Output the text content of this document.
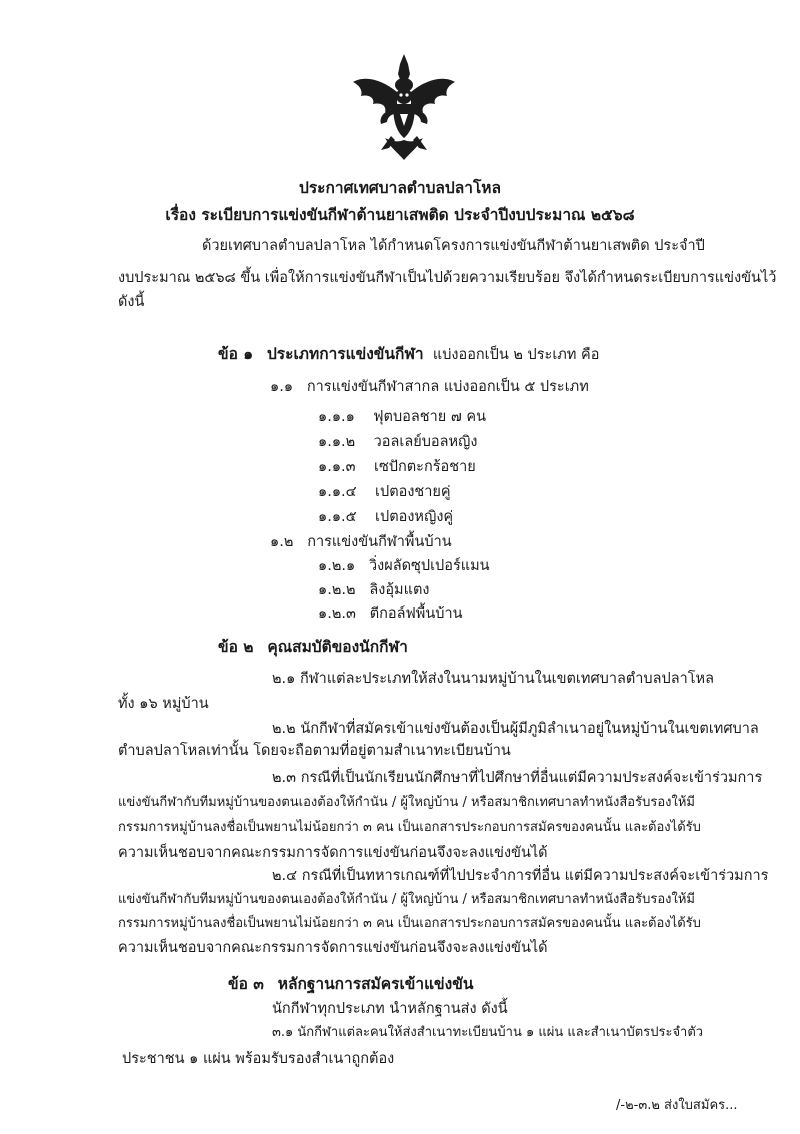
ประกาศเทศบาลตำบลปลาโหล
เรื่อง ระเบียบการแข่งขันกีฬาต้านยาเสพติด ประจำปีงบประมาณ ๒๕๖๘
ด้วยเทศบาลตำบลปลาโหล ได้กำหนดโครงการแข่งขันกีฬาต้านยาเสพติด ประจำปี
งบประมาณ ๒๕๖๘ ขึ้น เพื่อให้การแข่งขันกีฬาเป็นไปด้วยความเรียบร้อย จึงได้กำหนดระเบียบการแข่งขันไว้
ดังนี้
ข้อ ๑ ประเภทการแข่งขันกีฬา แบ่งออกเป็น ๒ ประเภท คือ
๑.๑ การแข่งขันกีฬาสากล แบ่งออกเป็น ๕ ประเภท
๑.๑.๑ ฟุตบอลชาย ๗ คน
๑.๑.๒ วอลเลย์บอลหญิง
๑.๑.๓ เซปักตะกร้อชาย
๑.๑.๔ เปตองชายคู่
๑.๑.๕ เปตองหญิงคู่
๑.๒ การแข่งขันกีฬาพื้นบ้าน
๑.๒.๑ วิ่งผลัดซุปเปอร์แมน
๑.๒.๒ ลิงอุ้มแตง
๑.๒.๓ ตีกอล์ฟพื้นบ้าน
ข้อ ๒ คุณสมบัติของนักกีฬา
๒.๑ กีฬาแต่ละประเภทให้ส่งในนามหมู่บ้านในเขตเทศบาลตำบลปลาโหล
ทั้ง ๑๖ หมู่บ้าน
๒.๒ นักกีฬาที่สมัครเข้าแข่งขันต้องเป็นผู้มีภูมิลำเนาอยู่ในหมู่บ้านในเขตเทศบาล
ตำบลปลาโหลเท่านั้น โดยจะถือตามที่อยู่ตามสำเนาทะเบียนบ้าน
๒.๓ กรณีที่เป็นนักเรียนนักศึกษาที่ไปศึกษาที่อื่นแต่มีความประสงค์จะเข้าร่วมการ
แข่งขันกีฬากับทีมหมู่บ้านของตนเองต้องให้กำนัน / ผู้ใหญ่บ้าน / หรือสมาชิกเทศบาลทำหนังสือรับรองให้มี
กรรมการหมู่บ้านลงชื่อเป็นพยานไม่น้อยกว่า ๓ คน เป็นเอกสารประกอบการสมัครของคนนั้น และต้องได้รับ
ความเห็นชอบจากคณะกรรมการจัดการแข่งขันก่อนจึงจะลงแข่งขันได้
๒.๔ กรณีที่เป็นทหารเกณฑ์ที่ไปประจำการที่อื่น แต่มีความประสงค์จะเข้าร่วมการ
แข่งขันกีฬากับทีมหมู่บ้านของตนเองต้องให้กำนัน / ผู้ใหญ่บ้าน / หรือสมาชิกเทศบาลทำหนังสือรับรองให้มี
กรรมการหมู่บ้านลงชื่อเป็นพยานไม่น้อยกว่า ๓ คน เป็นเอกสารประกอบการสมัครของคนนั้น และต้องได้รับ
ความเห็นชอบจากคณะกรรมการจัดการแข่งขันก่อนจึงจะลงแข่งขันได้
ข้อ ๓ หลักฐานการสมัครเข้าแข่งขัน
นักกีฬาทุกประเภท นำหลักฐานส่ง ดังนี้
๓.๑ นักกีฬาแต่ละคนให้ส่งสำเนาทะเบียนบ้าน ๑ แผ่น และสำเนาบัตรประจำตัว
ประชาชน ๑ แผ่น พร้อมรับรองสำเนาถูกต้อง
/-๒-๓.๒ ส่งใบสมัคร...
